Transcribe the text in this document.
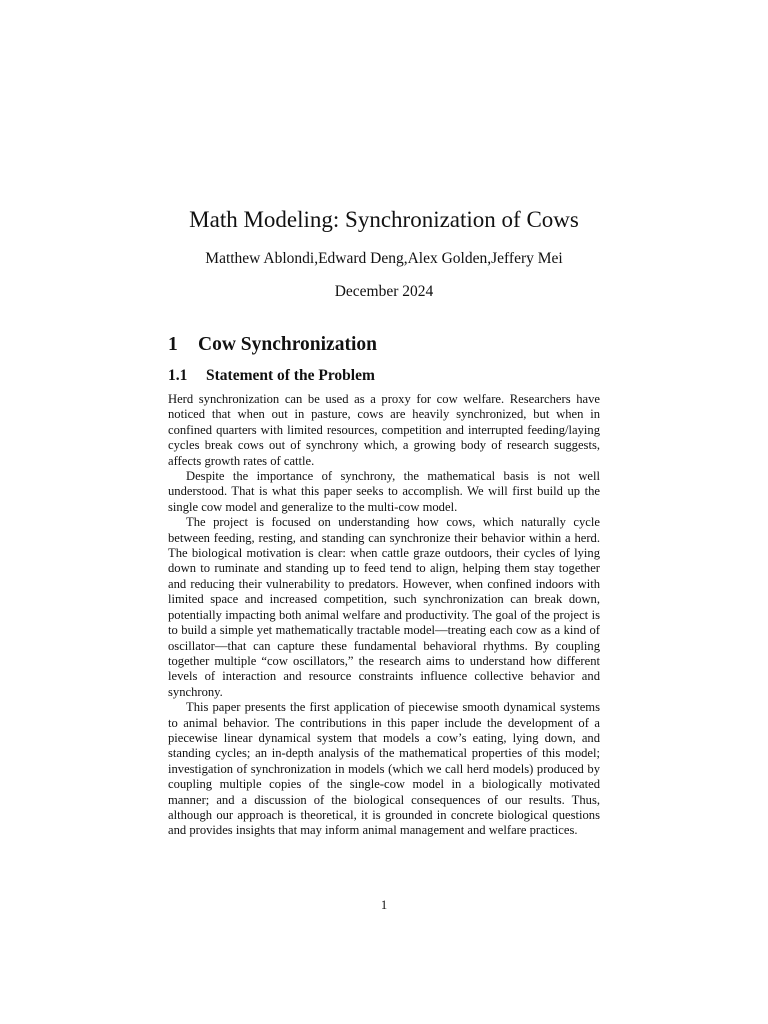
Math Modeling: Synchronization of Cows
Matthew Ablondi,Edward Deng,Alex Golden,Jeffery Mei
December 2024
1 Cow Synchronization
1.1 Statement of the Problem

Herd synchronization can be used as a proxy for cow welfare. Researchers have noticed that when out in pasture, cows are heavily synchronized, but when in confined quarters with limited resources, competition and interrupted feeding/laying cycles break cows out of synchrony which, a growing body of research suggests, affects growth rates of cattle.

Despite the importance of synchrony, the mathematical basis is not well understood. That is what this paper seeks to accomplish. We will first build up the single cow model and generalize to the multi-cow model.

The project is focused on understanding how cows, which naturally cycle between feeding, resting, and standing can synchronize their behavior within a herd. The biological motivation is clear: when cattle graze outdoors, their cycles of lying down to ruminate and standing up to feed tend to align, helping them stay together and reducing their vulnerability to predators. However, when confined indoors with limited space and increased competition, such synchronization can break down, potentially impacting both animal welfare and productivity. The goal of the project is to build a simple yet mathematically tractable model—treating each cow as a kind of oscillator—that can capture these fundamental behavioral rhythms. By coupling together multiple “cow oscillators,” the research aims to understand how different levels of interaction and resource constraints influence collective behavior and synchrony.

This paper presents the first application of piecewise smooth dynamical systems to animal behavior. The contributions in this paper include the development of a piecewise linear dynamical system that models a cow’s eating, lying down, and standing cycles; an in-depth analysis of the mathematical properties of this model; investigation of synchronization in models (which we call herd models) produced by coupling multiple copies of the single-cow model in a biologically motivated manner; and a discussion of the biological consequences of our results. Thus, although our approach is theoretical, it is grounded in concrete biological questions and provides insights that may inform animal management and welfare practices.

1
